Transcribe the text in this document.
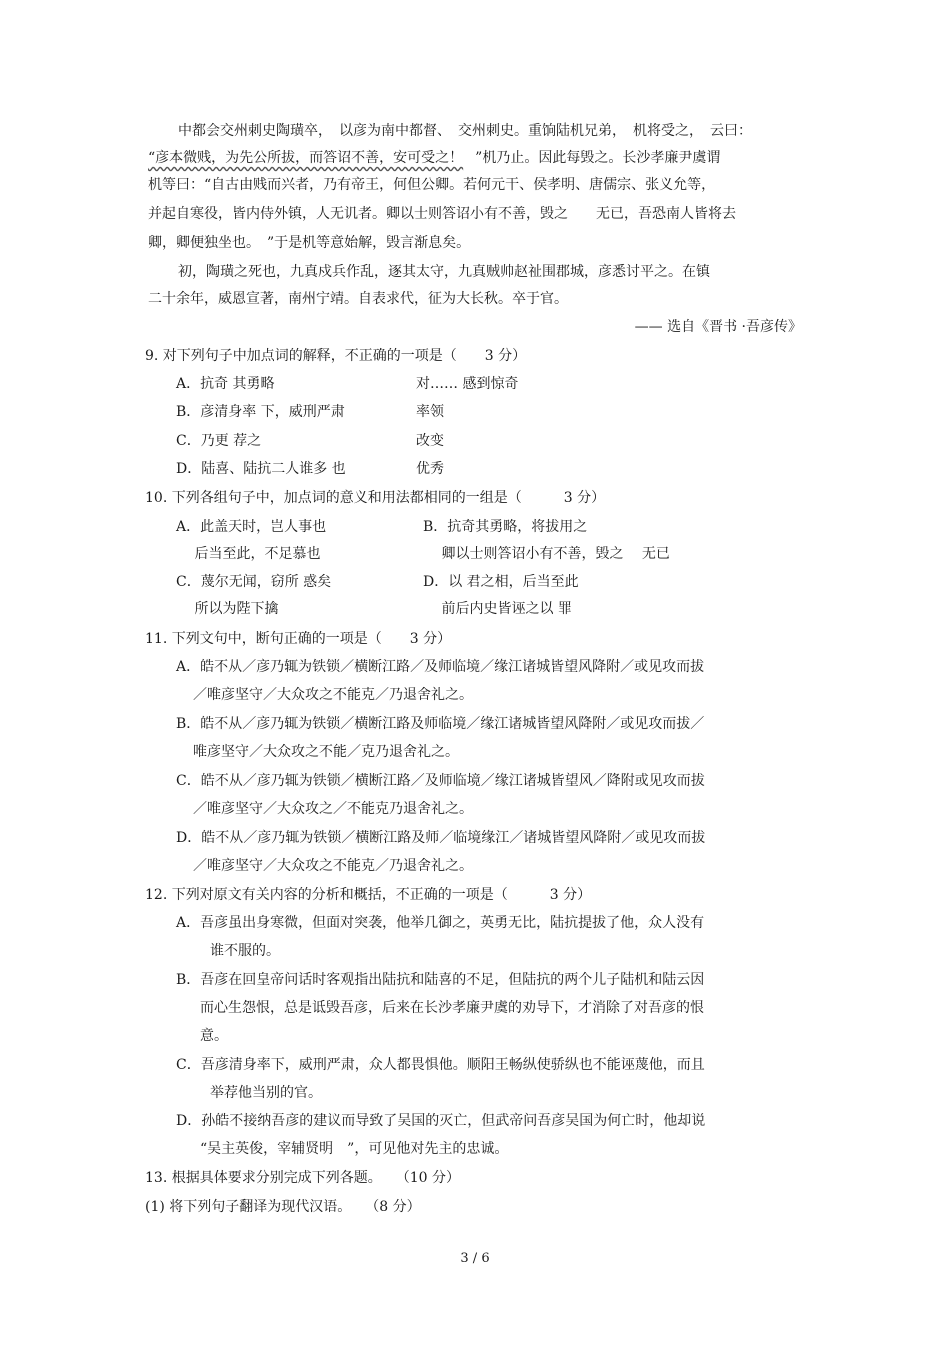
中都会交州刺史陶璜卒，　以彦为南中都督、　交州刺史。重饷陆机兄弟，　机将受之，　云曰：
“彦本微贱，为先公所拔，而答诏不善，安可受之！ ”机乃止。因此每毁之。长沙孝廉尹虞谓
机等曰：“自古由贱而兴者，乃有帝王，何但公卿。若何元干、侯孝明、唐儒宗、张义允等，
并起自寒役，皆内侍外镇，人无讥者。卿以士则答诏小有不善，毁之　　无已，吾恐南人皆将去
卿，卿便独坐也。　”于是机等意始解，毁言渐息矣。
初，陶璜之死也，九真戍兵作乱，逐其太守，九真贼帅赵祉围郡城，彦悉讨平之。在镇
二十余年，威恩宣著，南州宁靖。自表求代，征为大长秋。卒于官。
—— 选自《晋书 ·吾彦传》
9. 对下列句子中加点词的解释，不正确的一项是（　　3 分）
A．抗奇 其勇略	对…… 感到惊奇
B．彦清身率 下，威刑严肃	率领
C．乃更 荐之	改变
D．陆喜、陆抗二人谁多 也	优秀
10. 下列各组句子中，加点词的意义和用法都相同的一组是（　　　3 分）
A．此盖天时，岂人事也	B．抗奇其勇略，将拔用之
　 后当至此，不足慕也	　 卿以士则答诏小有不善，毁之　 无已
C．蔑尔无闻，窃所 惑矣	D．以 君之相，后当至此
　 所以为陛下擒	　 前后内史皆诬之以 罪
11. 下列文句中，断句正确的一项是（　　3 分）
A．皓不从／彦乃辄为铁锁／横断江路／及师临境／缘江诸城皆望风降附／或见攻而拔
／唯彦坚守／大众攻之不能克／乃退舍礼之。
B．皓不从／彦乃辄为铁锁／横断江路及师临境／缘江诸城皆望风降附／或见攻而拔／
唯彦坚守／大众攻之不能／克乃退舍礼之。
C．皓不从／彦乃辄为铁锁／横断江路／及师临境／缘江诸城皆望风／降附或见攻而拔
／唯彦坚守／大众攻之／不能克乃退舍礼之。
D．皓不从／彦乃辄为铁锁／横断江路及师／临境缘江／诸城皆望风降附／或见攻而拔
／唯彦坚守／大众攻之不能克／乃退舍礼之。
12. 下列对原文有关内容的分析和概括，不正确的一项是（　　　3 分）
A．吾彦虽出身寒微，但面对突袭，他举几御之，英勇无比，陆抗提拔了他，众人没有
谁不服的。
B．吾彦在回皇帝问话时客观指出陆抗和陆喜的不足，但陆抗的两个儿子陆机和陆云因
而心生怨恨，总是诋毁吾彦，后来在长沙孝廉尹虞的劝导下，才消除了对吾彦的恨
意。
C．吾彦清身率下，威刑严肃，众人都畏惧他。顺阳王畅纵使骄纵也不能诬蔑他，而且
举荐他当别的官。
D．孙皓不接纳吾彦的建议而导致了吴国的灭亡，但武帝问吾彦吴国为何亡时，他却说
“吴主英俊，宰辅贤明　”，可见他对先主的忠诚。
13. 根据具体要求分别完成下列各题。　　（10 分）
(1) 将下列句子翻译为现代汉语。　　（8 分）
3 / 6
